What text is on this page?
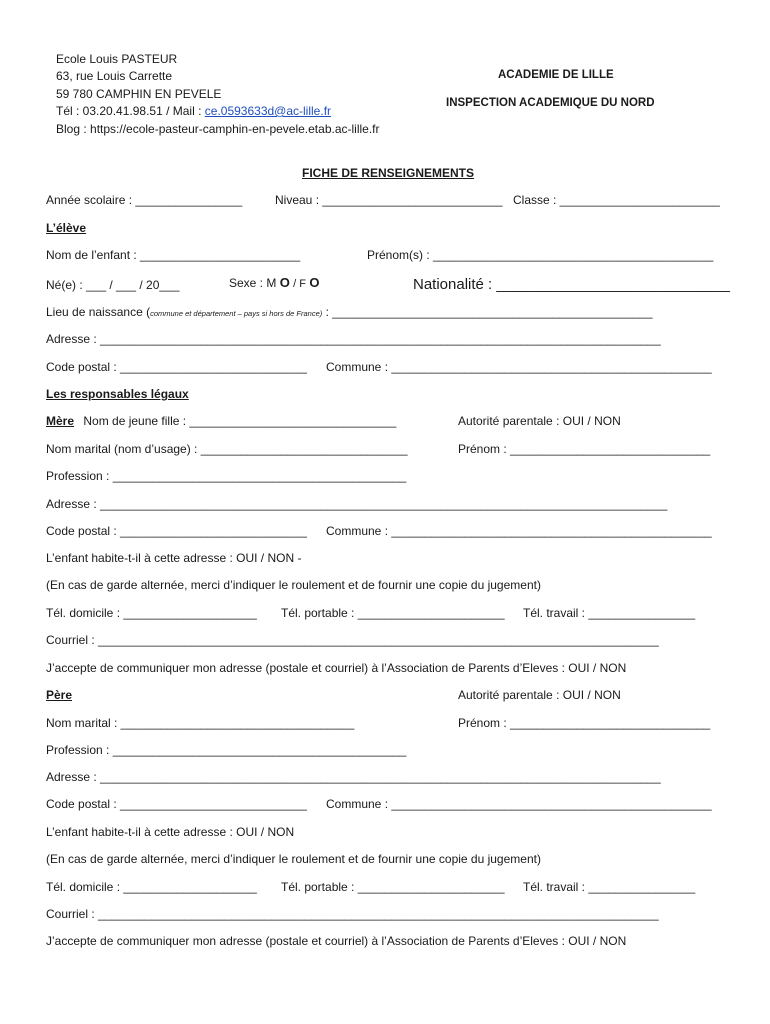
Ecole Louis PASTEUR
63, rue Louis Carrette
59 780 CAMPHIN EN PEVELE
Tél : 03.20.41.98.51 / Mail : ce.0593633d@ac-lille.fr
Blog : https://ecole-pasteur-camphin-en-pevele.etab.ac-lille.fr
ACADEMIE DE LILLE
INSPECTION ACADEMIQUE DU NORD
FICHE DE RENSEIGNEMENTS
Année scolaire : ________________	Niveau : ___________________________ Classe : ________________________
L’élève
Nom de l’enfant : ________________________	Prénom(s) : __________________________________________
Né(e) : ___ / ___ / 20___	Sexe : M O / F O	Nationalité : ____________________________
Lieu de naissance (commune et département – pays si hors de France) : ________________________________________________
Adresse : ____________________________________________________________________________________
Code postal : ____________________________ Commune : ________________________________________________
Les responsables légaux
Mère Nom de jeune fille : _______________________________	Autorité parentale : OUI / NON
Nom marital (nom d’usage) : _______________________________	Prénom : ______________________________
Profession : ____________________________________________
Adresse : _____________________________________________________________________________________
Code postal : ____________________________ Commune : ________________________________________________
L’enfant habite-t-il à cette adresse : OUI / NON -
(En cas de garde alternée, merci d’indiquer le roulement et de fournir une copie du jugement)
Tél. domicile : ____________________ Tél. portable : ______________________ Tél. travail : ________________
Courriel : ____________________________________________________________________________________
J’accepte de communiquer mon adresse (postale et courriel) à l’Association de Parents d’Eleves : OUI / NON
Père	Autorité parentale : OUI / NON
Nom marital : ___________________________________	Prénom : ______________________________
Profession : ____________________________________________
Adresse : ____________________________________________________________________________________
Code postal : ____________________________ Commune : ________________________________________________
L’enfant habite-t-il à cette adresse : OUI / NON
(En cas de garde alternée, merci d’indiquer le roulement et de fournir une copie du jugement)
Tél. domicile : ____________________ Tél. portable : ______________________ Tél. travail : ________________
Courriel : ____________________________________________________________________________________
J’accepte de communiquer mon adresse (postale et courriel) à l’Association de Parents d’Eleves : OUI / NON
